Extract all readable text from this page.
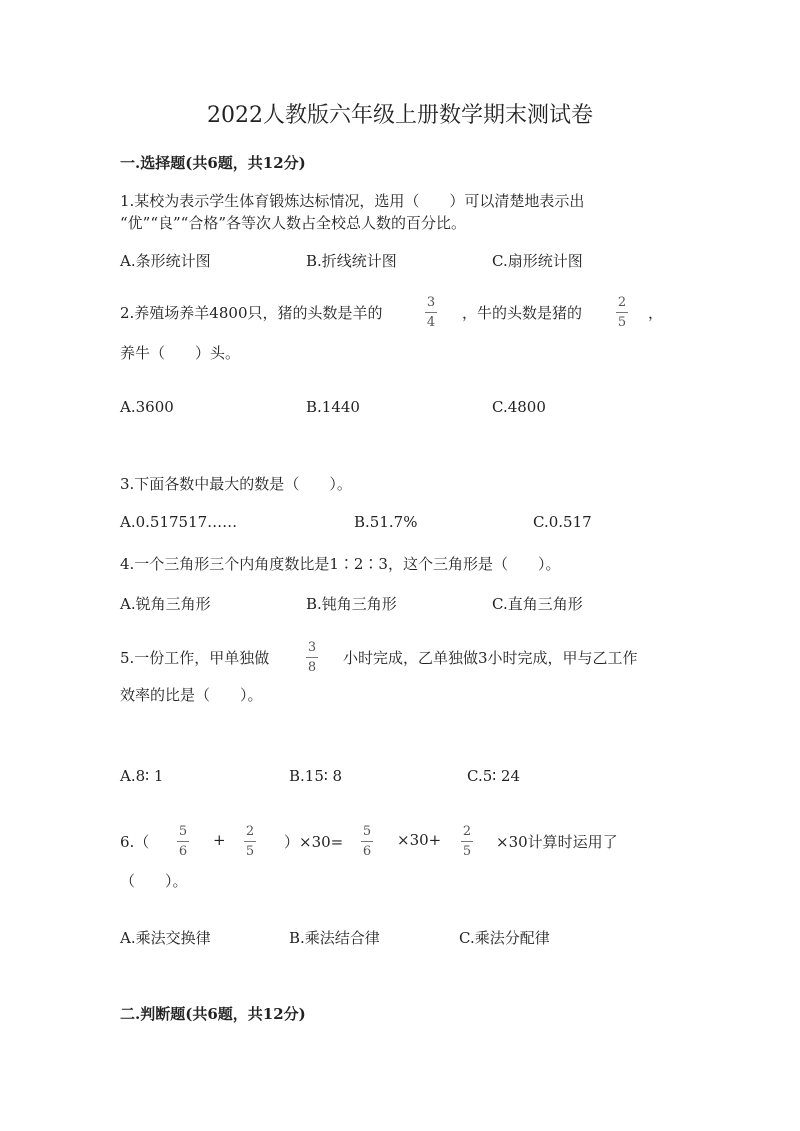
2022人教版六年级上册数学期末测试卷
一.选择题(共6题，共12分)
1.某校为表示学生体育锻炼达标情况，选用（　　）可以清楚地表示出
“优”“良”“合格”各等次人数占全校总人数的百分比。
A.条形统计图	B.折线统计图	C.扇形统计图
2.养殖场养羊4800只，猪的头数是羊的
3
4
，牛的头数是猪的
2
5
，
养牛（　　）头。
A.3600	B.1440	C.4800
3.下面各数中最大的数是（　　）。
A.0.517517……	B.51.7%	C.0.517
4.一个三角形三个内角度数比是1∶2∶3，这个三角形是（　　）。
A.锐角三角形	B.钝角三角形	C.直角三角形
5.一份工作，甲单独做
3
8
小时完成，乙单独做3小时完成，甲与乙工作
效率的比是（　　）。
A.8∶ 1	B.15∶ 8	C.5∶ 24
6.（
5
6
+ 2
5
）×30=
5
6
×30+ 2
5
×30计算时运用了
（　　）。
A.乘法交换律	B.乘法结合律	C.乘法分配律
二.判断题(共6题，共12分)
